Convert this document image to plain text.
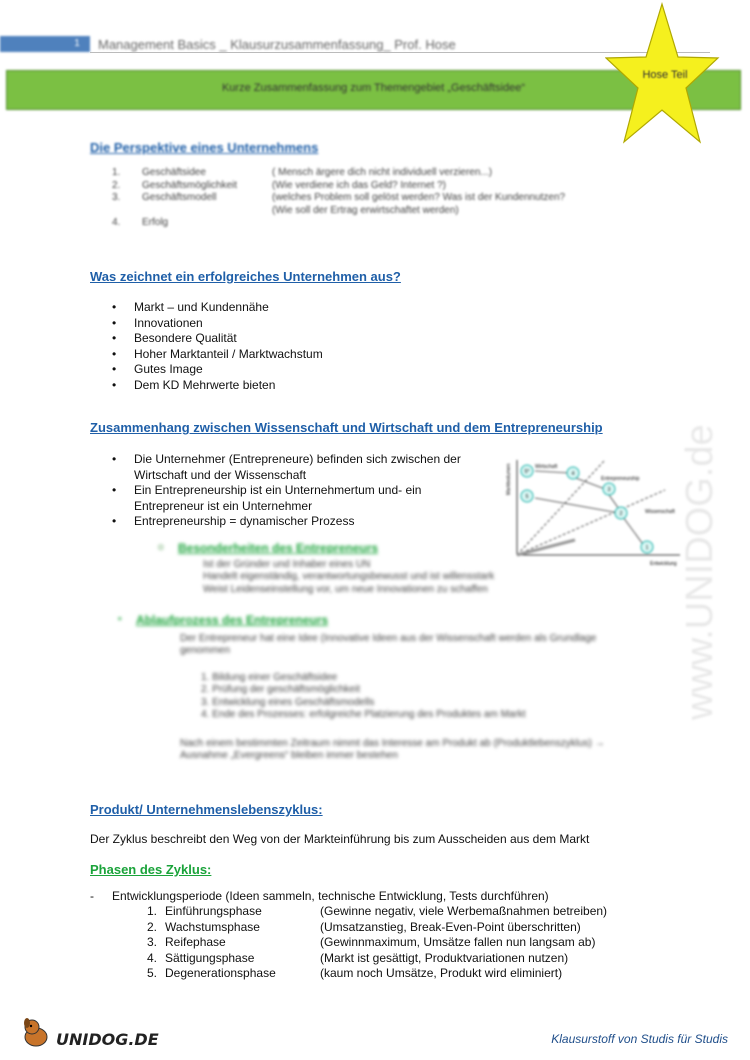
1	Management Basics _ Klausurzusammenfassung_ Prof. Hose
Kurze Zusammenfassung zum Themengebiet „Geschäftsidee“
Hose Teil
Die Perspektive eines Unternehmens
1.	Geschäftsidee	( Mensch ärgere dich nicht individuell verzieren...)
2.	Geschäftsmöglichkeit	(Wie verdiene ich das Geld? Internet ?)
3.	Geschäftsmodell	(welches Problem soll gelöst werden? Was ist der Kundennutzen?
(Wie soll der Ertrag erwirtschaftet werden)
4.	Erfolg
Was zeichnet ein erfolgreiches Unternehmen aus?
• Markt – und Kundennähe
• Innovationen
• Besondere Qualität
• Hoher Marktanteil / Marktwachstum
• Gutes Image
• Dem KD Mehrwerte bieten
Zusammenhang zwischen Wissenschaft und Wirtschaft und dem Entrepreneurship
• Die Unternehmer (Entrepreneure) befinden sich zwischen der Wirtschaft und der Wissenschaft
• Ein Entrepreneurship ist ein Unternehmertum und- ein Entrepreneur ist ein Unternehmer
• Entrepreneurship = dynamischer Prozess
Marktvolumen
Entwicklung
Wirtschaft
Entrepreneurship
Wissenschaft
5*	4
5
3
2
1
o Besonderheiten des Entrepreneurs
Ist der Gründer und Inhaber eines UN
Handelt eigenständig, verantwortungsbewusst und ist willensstark
Weist Leidenseinstellung vor, um neue Innovationen zu schaffen
• Ablaufprozess des Entrepreneurs
Der Entrepreneur hat eine Idee (Innovative Ideen aus der Wissenschaft werden als Grundlage genommen
1. Bildung einer Geschäftsidee
2. Prüfung der geschäftsmöglichkeit
3. Entwicklung eines Geschäftsmodells
4. Ende des Prozesses: erfolgreiche Platzierung des Produktes am Markt
Nach einem bestimmten Zeitraum nimmt das Interesse am Produkt ab (Produktlebenszyklus) → Ausnahme „Evergreens“ bleiben immer bestehen
Produkt/ Unternehmenslebenszyklus:
Der Zyklus beschreibt den Weg von der Markteinführung bis zum Ausscheiden aus dem Markt
Phasen des Zyklus:
-	Entwicklungsperiode (Ideen sammeln, technische Entwicklung, Tests durchführen)
1. Einführungsphase	(Gewinne negativ, viele Werbemaßnahmen betreiben)
2. Wachstumsphase	(Umsatzanstieg, Break-Even-Point überschritten)
3. Reifephase	(Gewinnmaximum, Umsätze fallen nun langsam ab)
4. Sättigungsphase	(Markt ist gesättigt, Produktvariationen nutzen)
5. Degenerationsphase	(kaum noch Umsätze, Produkt wird eliminiert)
www.UNIDOG.de
UNIDOG.DE	Klausurstoff von Studis für Studis
